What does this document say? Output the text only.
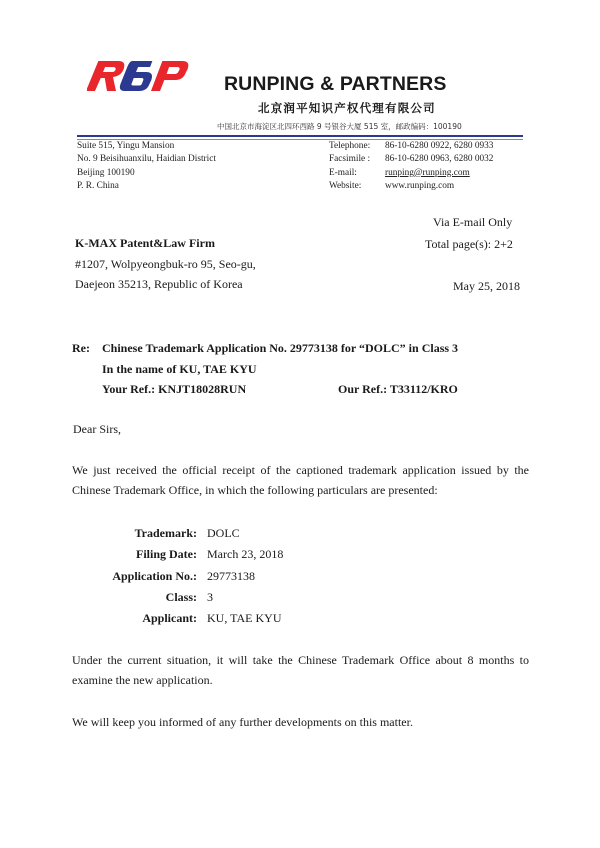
RUNPING & PARTNERS
北京润平知识产权代理有限公司
中国北京市海淀区北四环西路 9 号银谷大厦 515 室，邮政编码：100190
Suite 515, Yingu Mansion
No. 9 Beisihuanxilu, Haidian District
Beijing 100190
P. R. China
Telephone:	86-10-6280 0922, 6280 0933
Facsimile :	86-10-6280 0963, 6280 0032
E-mail:	runping@runping.com
Website:	www.runping.com
Via E-mail Only
Total page(s): 2+2
May 25, 2018
K-MAX Patent&Law Firm
#1207, Wolpyeongbuk-ro 95, Seo-gu,
Daejeon 35213, Republic of Korea
Re: Chinese Trademark Application No. 29773138 for “DOLC” in Class 3
In the name of KU, TAE KYU
Your Ref.: KNJT18028RUN	Our Ref.: T33112/KRO
Dear Sirs,
We just received the official receipt of the captioned trademark application issued by the
Chinese Trademark Office, in which the following particulars are presented:
Trademark: DOLC
Filing Date: March 23, 2018
Application No.: 29773138
Class: 3
Applicant: KU, TAE KYU
Under the current situation, it will take the Chinese Trademark Office about 8 months to
examine the new application.
We will keep you informed of any further developments on this matter.
